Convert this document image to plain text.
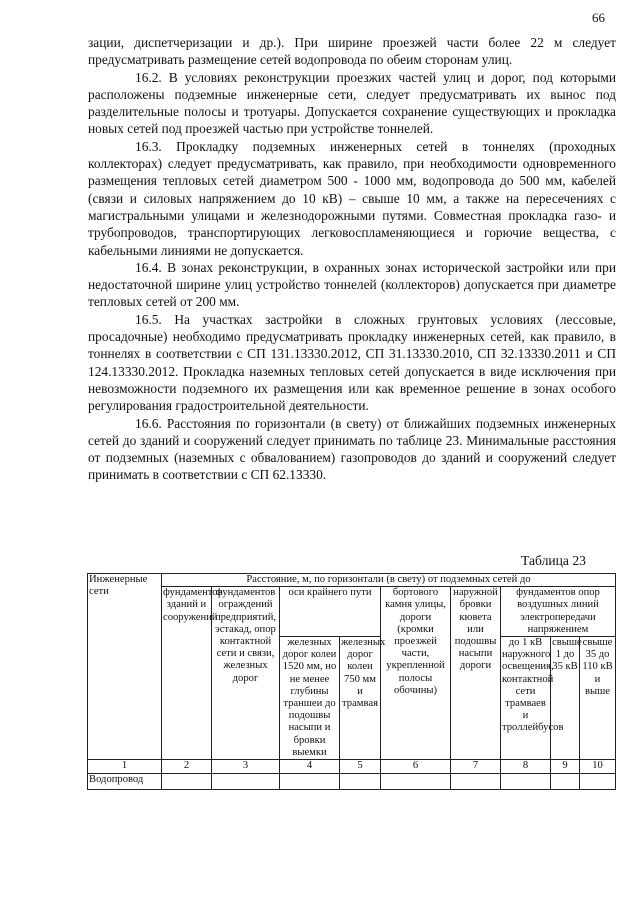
66

зации, диспетчеризации и др.). При ширине проезжей части более 22 м следует предусматривать размещение сетей водопровода по обеим сторонам улиц.

16.2. В условиях реконструкции проезжих частей улиц и дорог, под которыми расположены подземные инженерные сети, следует предусматривать их вынос под разделительные полосы и тротуары. Допускается сохранение существующих и прокладка новых сетей под проезжей частью при устройстве тоннелей.

16.3. Прокладку подземных инженерных сетей в тоннелях (проходных коллекторах) следует предусматривать, как правило, при необходимости одновременного размещения тепловых сетей диаметром 500 - 1000 мм, водопровода до 500 мм, кабелей (связи и силовых напряжением до 10 кВ) – свыше 10 мм, а также на пересечениях с магистральными улицами и железнодорожными путями. Совместная прокладка газо- и трубопроводов, транспортирующих легковоспламеняющиеся и горючие вещества, с кабельными линиями не допускается.

16.4. В зонах реконструкции, в охранных зонах исторической застройки или при недостаточной ширине улиц устройство тоннелей (коллекторов) допускается при диаметре тепловых сетей от 200 мм.

16.5. На участках застройки в сложных грунтовых условиях (лессовые, просадочные) необходимо предусматривать прокладку инженерных сетей, как правило, в тоннелях в соответствии с СП 131.13330.2012, СП 31.13330.2010, СП 32.13330.2011 и СП 124.13330.2012. Прокладка наземных тепловых сетей допускается в виде исключения при невозможности подземного их размещения или как временное решение в зонах особого регулирования градостроительной деятельности.

16.6. Расстояния по горизонтали (в свету) от ближайших подземных инженерных сетей до зданий и сооружений следует принимать по таблице 23. Минимальные расстояния от подземных (наземных с обвалованием) газопроводов до зданий и сооружений следует принимать в соответствии с СП 62.13330.

Таблица 23
Инженерные сети	Расстояние, м, по горизонтали (в свету) от подземных сетей до								
	фундаментов зданий и сооружений	фундаментов ограждений предприятий, эстакад, опор контактной сети и связи, железных дорог	оси крайнего пути		бортового камня улицы, дороги (кромки проезжей части, укрепленной полосы обочины)	наружной бровки кювета или подошвы насыпи дороги	фундаментов опор воздушных линий электропередачи напряжением		
			железных дорог колеи 1520 мм, но не менее глубины траншеи до подошвы насыпи и бровки выемки	железных дорог колеи 750 мм и трамвая					
							до 1 кВ наружного освещения, контактной сети трамваев и троллейбусов	свыше 1 до 35 кВ	свыше 35 до 110 кВ и выше
1	2	3	4	5	6	7	8	9	10
Водопровод									
